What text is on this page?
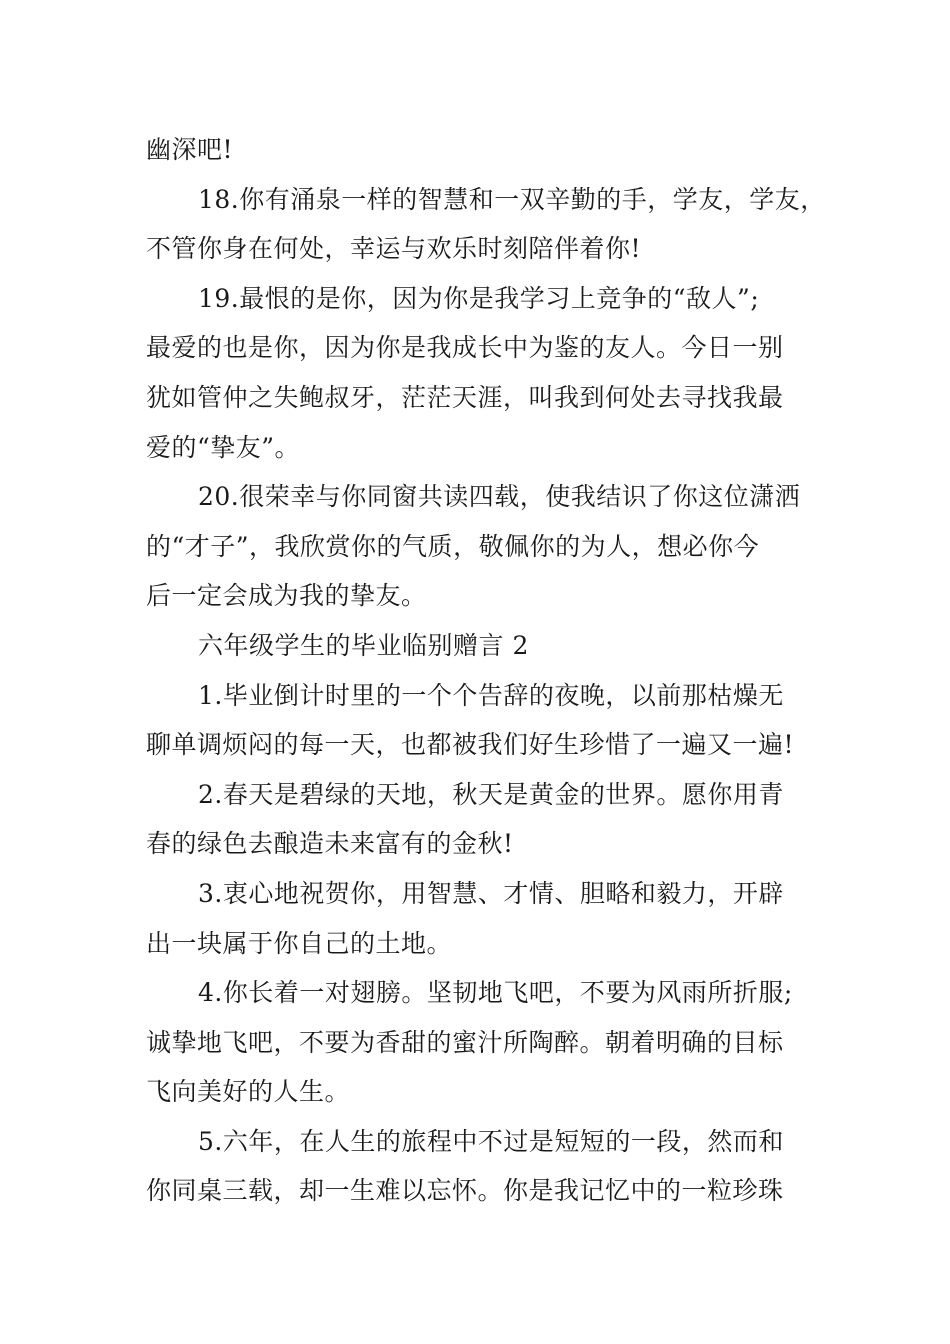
幽深吧!

18.你有涌泉一样的智慧和一双辛勤的手，学友，学友，
不管你身在何处，幸运与欢乐时刻陪伴着你!

19.最恨的是你，因为你是我学习上竞争的“敌人”;
最爱的也是你，因为你是我成长中为鉴的友人。今日一别
犹如管仲之失鲍叔牙，茫茫天涯，叫我到何处去寻找我最
爱的“挚友”。

20.很荣幸与你同窗共读四载，使我结识了你这位潇洒
的“才子”，我欣赏你的气质，敬佩你的为人，想必你今
后一定会成为我的挚友。

六年级学生的毕业临别赠言 2

1.毕业倒计时里的一个个告辞的夜晚，以前那枯燥无
聊单调烦闷的每一天，也都被我们好生珍惜了一遍又一遍!

2.春天是碧绿的天地，秋天是黄金的世界。愿你用青
春的绿色去酿造未来富有的金秋!

3.衷心地祝贺你，用智慧、才情、胆略和毅力，开辟
出一块属于你自己的土地。

4.你长着一对翅膀。坚韧地飞吧，不要为风雨所折服;
诚挚地飞吧，不要为香甜的蜜汁所陶醉。朝着明确的目标
飞向美好的人生。

5.六年，在人生的旅程中不过是短短的一段，然而和
你同桌三载，却一生难以忘怀。你是我记忆中的一粒珍珠
